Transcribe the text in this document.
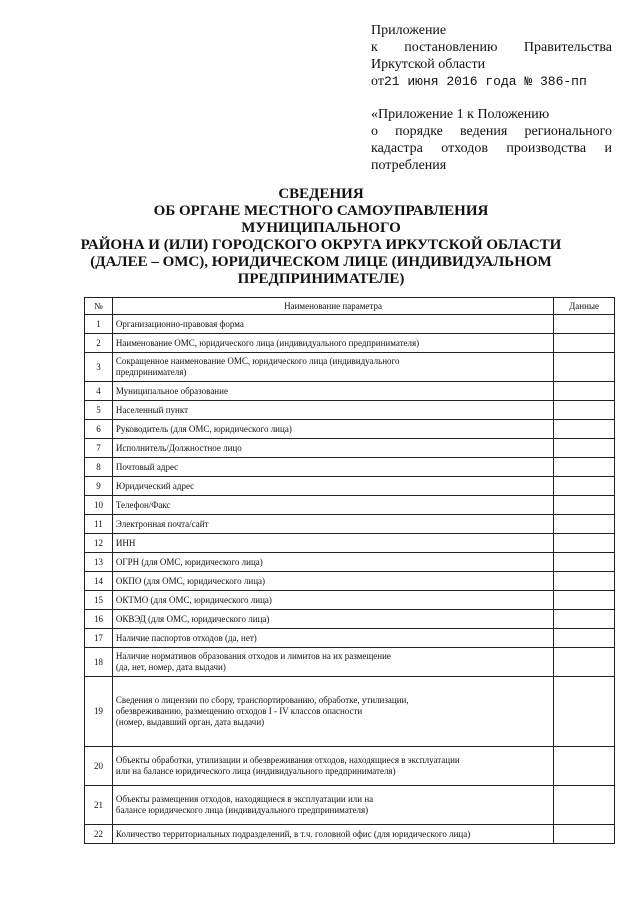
Приложение
к постановлению Правительства
Иркутской области
от21 июня 2016 года № 386-пп
«Приложение 1 к Положению
о порядке ведения регионального
кадастра отходов производства и
потребления
СВЕДЕНИЯ
ОБ ОРГАНЕ МЕСТНОГО САМОУПРАВЛЕНИЯ МУНИЦИПАЛЬНОГО
РАЙОНА И (ИЛИ) ГОРОДСКОГО ОКРУГА ИРКУТСКОЙ ОБЛАСТИ
(ДАЛЕЕ – ОМС), ЮРИДИЧЕСКОМ ЛИЦЕ (ИНДИВИДУАЛЬНОМ
ПРЕДПРИНИМАТЕЛЕ)
№	Наименование параметра	Данные
1	Организационно-правовая форма	
2	Наименование ОМС, юридического лица (индивидуального предпринимателя)	
3	Сокращенное наименование ОМС, юридического лица (индивидуального
предпринимателя)	
4	Муниципальное образование	
5	Населенный пункт	
6	Руководитель (для ОМС, юридического лица)	
7	Исполнитель/Должностное лицо	
8	Почтовый адрес	
9	Юридический адрес	
10	Телефон/Факс	
11	Электронная почта/сайт	
12	ИНН	
13	ОГРН (для ОМС, юридического лица)	
14	ОКПО (для ОМС, юридического лица)	
15	ОКТМО (для ОМС, юридического лица)	
16	ОКВЭД (для ОМС, юридического лица)	
17	Наличие паспортов отходов (да, нет)	
18	Наличие нормативов образования отходов и лимитов на их размещение
(да, нет, номер, дата выдачи)	
19	Сведения о лицензии по сбору, транспортированию, обработке, утилизации,
обезвреживанию, размещению отходов I - IV классов опасности
(номер, выдавший орган, дата выдачи)	
20	Объекты обработки, утилизации и обезвреживания отходов, находящиеся в эксплуатации
или на балансе юридического лица (индивидуального предпринимателя)	
21	Объекты размещения отходов, находящиеся в эксплуатации или на
балансе юридического лица (индивидуального предпринимателя)	
22	Количество территориальных подразделений, в т.ч. головной офис (для юридического лица)	
